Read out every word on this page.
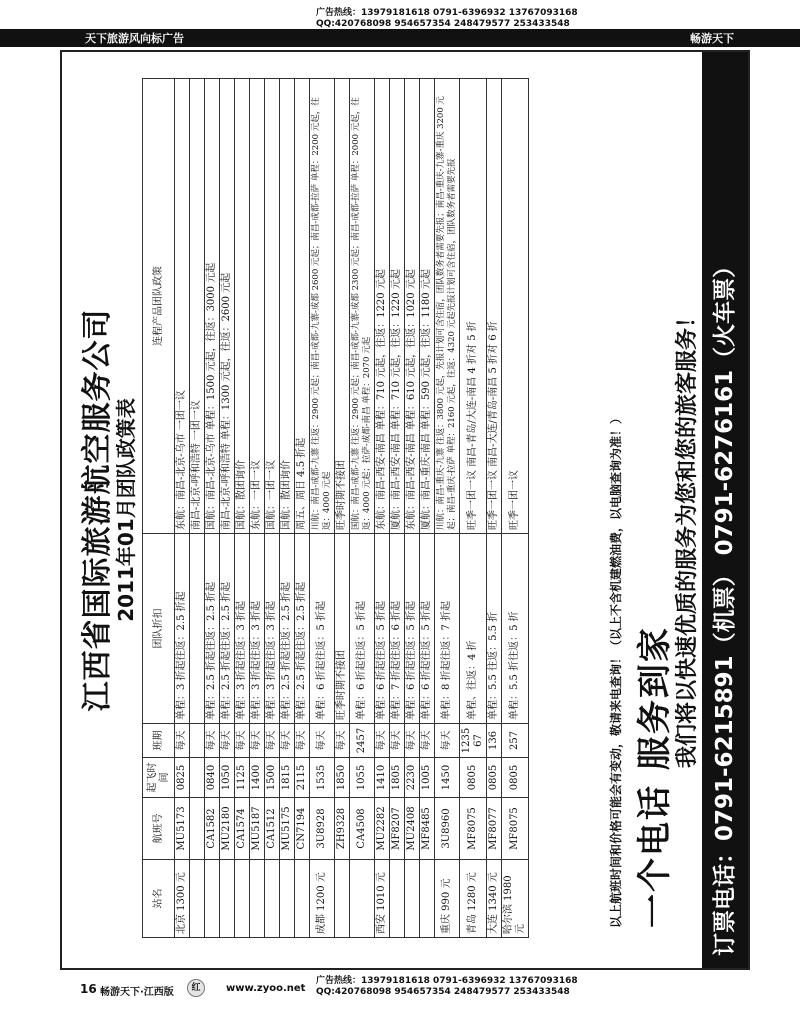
广告热线：13979181618 0791-6396932 13767093168
QQ:420768098 954657354 248479577 253433548
天下旅游风向标广告	畅游天下
江西省国际旅游航空服务公司 2011年01月团队政策表
站名	航班号	起飞时间	班期	团队折扣	连程产品团队政策
北京 1300 元	MU5173	0825	每天	单程：3 折起往返：2.5 折起	东航：南昌-北京-乌市 一团一议
					南昌-北京-呼和浩特 一团一议
	CA1582	0840	每天	单程：2.5 折起往返：2.5 折起	国航：南昌-北京-乌市 单程：1500 元起，往返：3000 元起
	MU2180	1050	每天	单程：2.5 折起往返：2.5 折起	南昌-北京-呼和浩特 单程：1300 元起，往返：2600 元起
	CA1574	1125	每天	单程：3 折起往返：3 折起	国航：散团询价
	MU5187	1400	每天	单程：3 折起往返：3 折起	东航：一团一议
	CA1512	1500	每天	单程：3 折起往返：3 折起	国航：一团一议
	MU5175	1815	每天	单程：2.5 折起往返：2.5 折起	国航：散团询价
	CN7194	2115	每天	单程：2.5 折起往返：2.5 折起	周五、周日 4.5 折起
成都 1200 元	3U8928	1535	每天	单程：6 折起往返：5 折起	川航：南昌-成都-九寨 往返：2900 元起；南昌-成都-九寨-成都 2600 元起；南昌-成都-拉萨 单程：2200 元起，往返：4000 元起
	ZH9328	1850	每天	旺季时期不接团	旺季时期不接团
	CA4508	1055	2457	单程：6 折起往返：5 折起	国航：南昌-成都-九寨 往返：2900 元起；南昌-成都-九寨-成都 2300 元起；南昌-成都-拉萨 单程：2000 元起，往返：4000 元起；拉萨-成都-南昌 单程：2070 元起
西安 1010 元	MU2282	1410	每天	单程：6 折起往返：5 折起	东航：南昌-西安-南昌 单程：710 元起，往返：1220 元起
	MF8207	1805	每天	单程：7 折起往返：6 折起	厦航：南昌-西安-南昌 单程：710 元起，往返：1220 元起
	MU2408	2230	每天	单程：6 折起往返：5 折起	东航：南昌-西安-南昌 单程：610 元起，往返：1020 元起
	MF8485	1005	每天	单程：6 折起往返：5 折起	厦航：南昌-重庆-南昌 单程：590 元起，往返：1180 元起
重庆 990 元	3U8960	1450	每天	单程：8 折起往返：7 折起	川航：南昌-重庆-九寨 往返：3800 元起，先报计划可含住宿，团队数务者需要先报；南昌-重庆-九寨-重庆 3200 元起；南昌-重庆-拉萨 单程：2160 元起，往返：4320 元起先报计划可含住宿，团队数务者需要先报
青岛 1280 元	MF8075	0805	1235 67	单程、往返：4 折	旺季一团一议 南昌-青岛/大连-南昌 4 折对 5 折
大连 1340 元	MF8077	0805	136	单程：5.5 往返：5.5 折	旺季一团一议 南昌-大连/青岛-南昌 5 折对 6 折
哈尔滨 1980 元	MF8075	0805	257	单程：5.5 折往返：5 折	旺季一团一议	以上航班时间和价格可能会有变动，敬请来电查询！（以上不含机建燃油费，以电脑查询为准！） 一个电话 服务到家
我们将以快速优质的服务为您和您的旅客服务！ 订票电话：0791-6215891（机票） 0791-6276161（火车票）
16 畅游天下·江西版	红	www.zyoo.net
广告热线：13979181618 0791-6396932 13767093168
QQ:420768098 954657354 248479577 253433548
